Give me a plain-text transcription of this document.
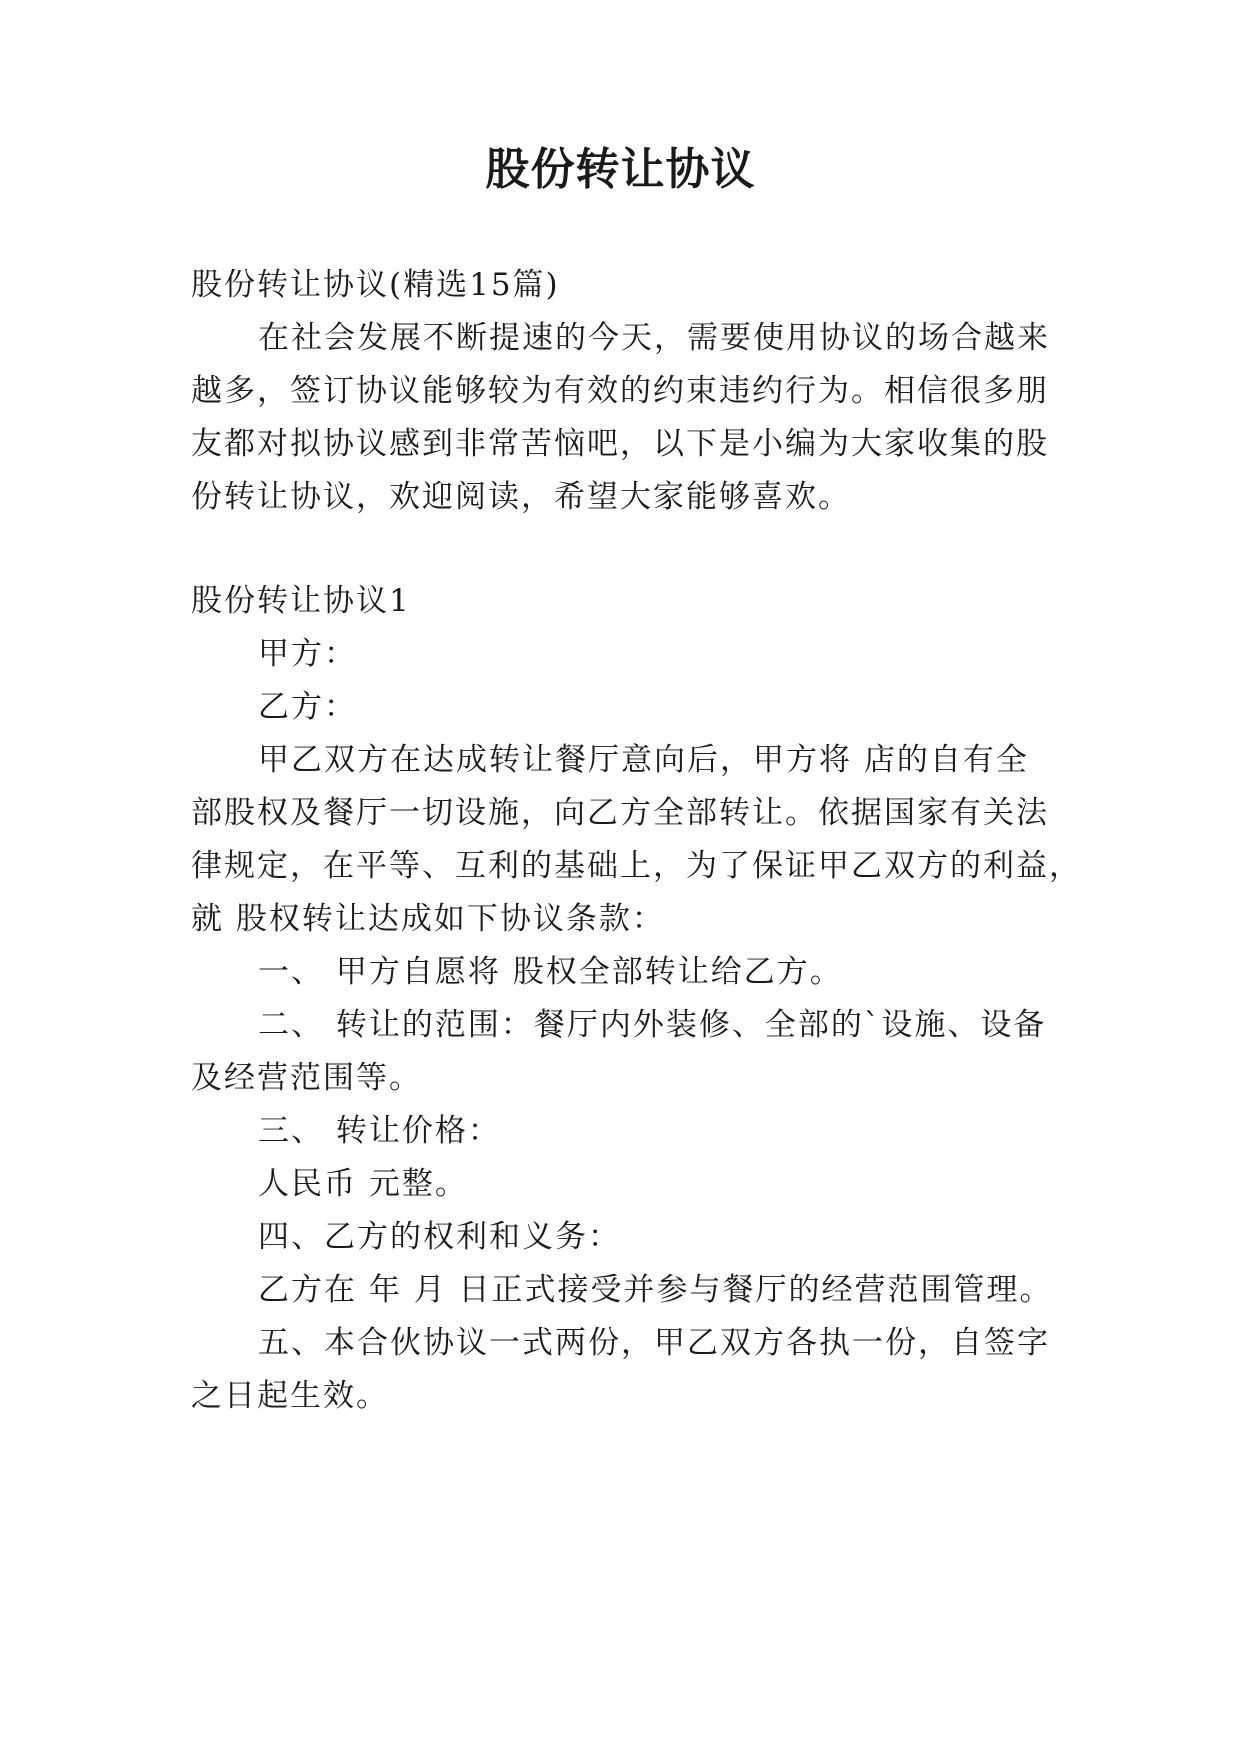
股份转让协议
股份转让协议(精选15篇)
在社会发展不断提速的今天，需要使用协议的场合越来
越多，签订协议能够较为有效的约束违约行为。相信很多朋
友都对拟协议感到非常苦恼吧，以下是小编为大家收集的股
份转让协议，欢迎阅读，希望大家能够喜欢。
股份转让协议1
甲方：
乙方：
甲乙双方在达成转让餐厅意向后，甲方将 店的自有全
部股权及餐厅一切设施，向乙方全部转让。依据国家有关法
律规定，在平等、互利的基础上，为了保证甲乙双方的利益，
就 股权转让达成如下协议条款：
一、 甲方自愿将 股权全部转让给乙方。
二、 转让的范围：餐厅内外装修、全部的`设施、设备
及经营范围等。
三、 转让价格：
人民币 元整。
四、乙方的权利和义务：
乙方在 年 月 日正式接受并参与餐厅的经营范围管理。
五、本合伙协议一式两份，甲乙双方各执一份，自签字
之日起生效。
